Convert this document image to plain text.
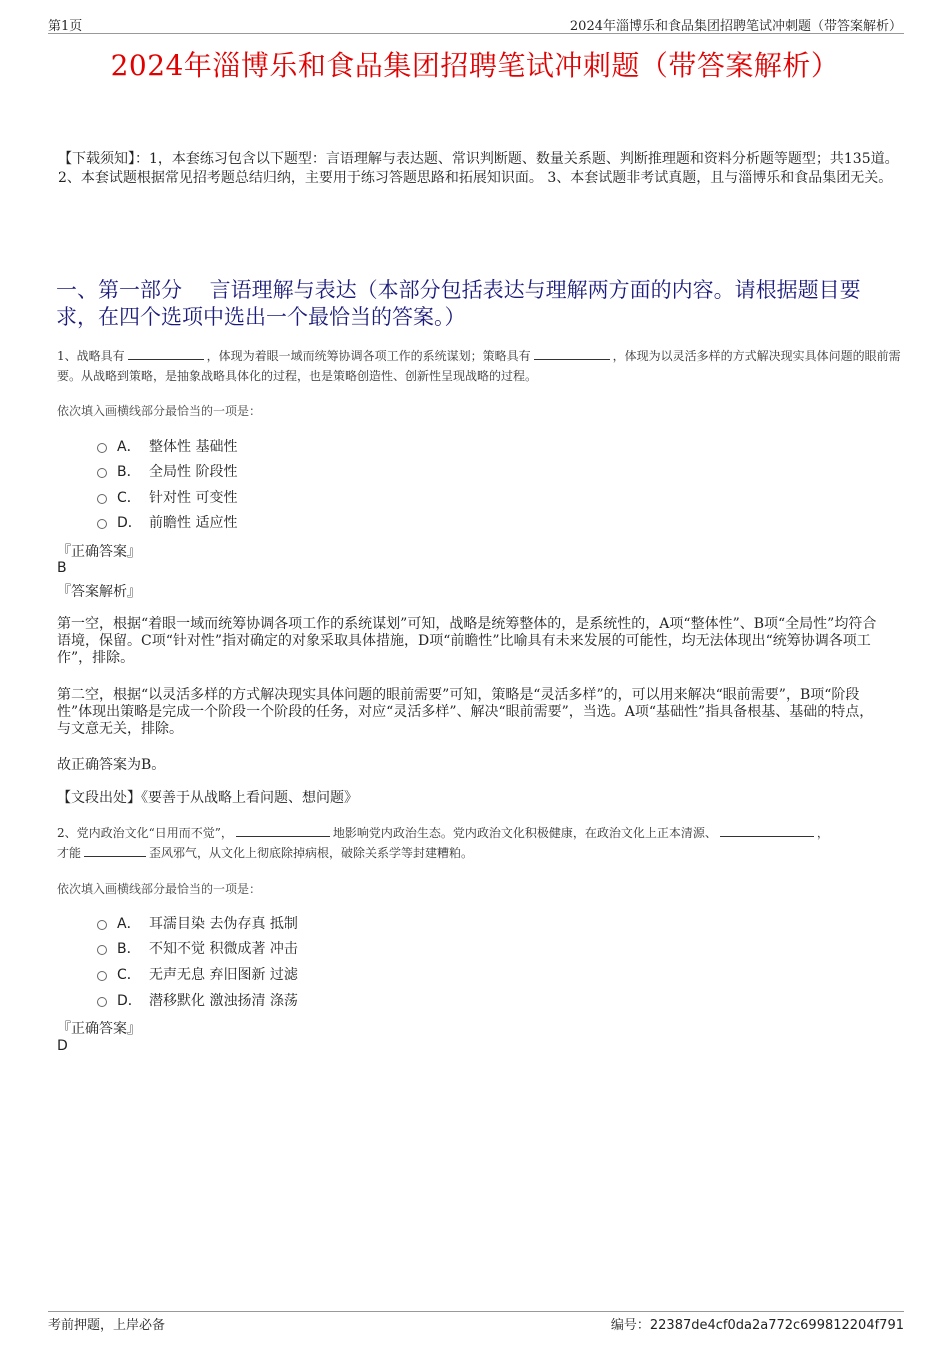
第1页	2024年淄博乐和食品集团招聘笔试冲刺题（带答案解析）
2024年淄博乐和食品集团招聘笔试冲刺题（带答案解析）
【下载须知】：1，本套练习包含以下题型：言语理解与表达题、常识判断题、数量关系题、判断推理题和资料分析题等题型；共135道。 2、本套试题根据常见招考题总结归纳，主要用于练习答题思路和拓展知识面。 3、本套试题非考试真题，且与淄博乐和食品集团无关。
一、第一部分　 言语理解与表达（本部分包括表达与理解两方面的内容。请根据题目要求，在四个选项中选出一个最恰当的答案。）
1、战略具有	，体现为着眼一域而统筹协调各项工作的系统谋划；策略具有	，体现为以灵活多样的方式解决现实具体问题的眼前需要。从战略到策略，是抽象战略具体化的过程，也是策略创造性、创新性呈现战略的过程。
依次填入画横线部分最恰当的一项是：
A． 整体性 基础性
B． 全局性 阶段性
C． 针对性 可变性
D． 前瞻性 适应性
『正确答案』
B
『答案解析』
第一空，根据“着眼一域而统筹协调各项工作的系统谋划”可知，战略是统筹整体的，是系统性的，A项“整体性”、B项“全局性”均符合语境，保留。C项“针对性”指对确定的对象采取具体措施，D项“前瞻性”比喻具有未来发展的可能性，均无法体现出“统筹协调各项工作”，排除。
第二空，根据“以灵活多样的方式解决现实具体问题的眼前需要”可知，策略是“灵活多样”的，可以用来解决“眼前需要”，B项“阶段性”体现出策略是完成一个阶段一个阶段的任务，对应“灵活多样”、解决“眼前需要”，当选。A项“基础性”指具备根基、基础的特点，与文意无关，排除。
故正确答案为B。
【文段出处】《要善于从战略上看问题、想问题》
2、党内政治文化“日用而不觉”，	地影响党内政治生态。党内政治文化积极健康，在政治文化上正本清源、	，
才能	歪风邪气，从文化上彻底除掉病根，破除关系学等封建糟粕。
依次填入画横线部分最恰当的一项是：
A． 耳濡目染 去伪存真 抵制
B． 不知不觉 积微成著 冲击
C． 无声无息 弃旧图新 过滤
D． 潜移默化 激浊扬清 涤荡
『正确答案』
D
考前押题，上岸必备	编号：22387de4cf0da2a772c699812204f791
